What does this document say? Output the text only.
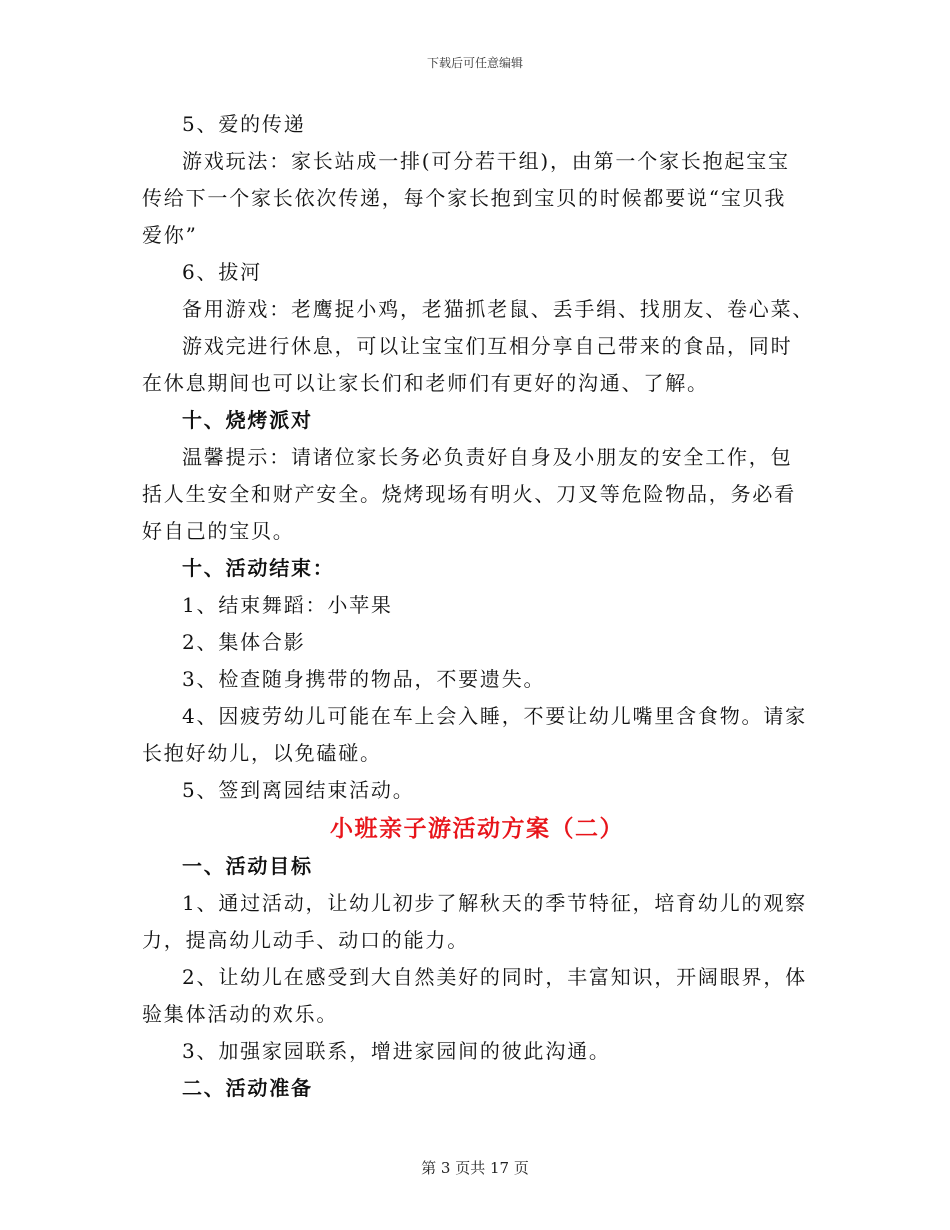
下载后可任意编辑

5、爱的传递

游戏玩法：家长站成一排(可分若干组)，由第一个家长抱起宝宝

传给下一个家长依次传递，每个家长抱到宝贝的时候都要说“宝贝我

爱你”

6、拔河

备用游戏：老鹰捉小鸡，老猫抓老鼠、丢手绢、找朋友、卷心菜、

游戏完进行休息，可以让宝宝们互相分享自己带来的食品，同时

在休息期间也可以让家长们和老师们有更好的沟通、了解。

十、烧烤派对

温馨提示：请诸位家长务必负责好自身及小朋友的安全工作，包

括人生安全和财产安全。烧烤现场有明火、刀叉等危险物品，务必看

好自己的宝贝。

十、活动结束：

1、结束舞蹈：小苹果

2、集体合影

3、检查随身携带的物品，不要遗失。

4、因疲劳幼儿可能在车上会入睡，不要让幼儿嘴里含食物。请家

长抱好幼儿，以免磕碰。

5、签到离园结束活动。

小班亲子游活动方案（二）

一、活动目标

1、通过活动，让幼儿初步了解秋天的季节特征，培育幼儿的观察

力，提高幼儿动手、动口的能力。

2、让幼儿在感受到大自然美好的同时，丰富知识，开阔眼界，体

验集体活动的欢乐。

3、加强家园联系，增进家园间的彼此沟通。

二、活动准备

第 3 页共 17 页
